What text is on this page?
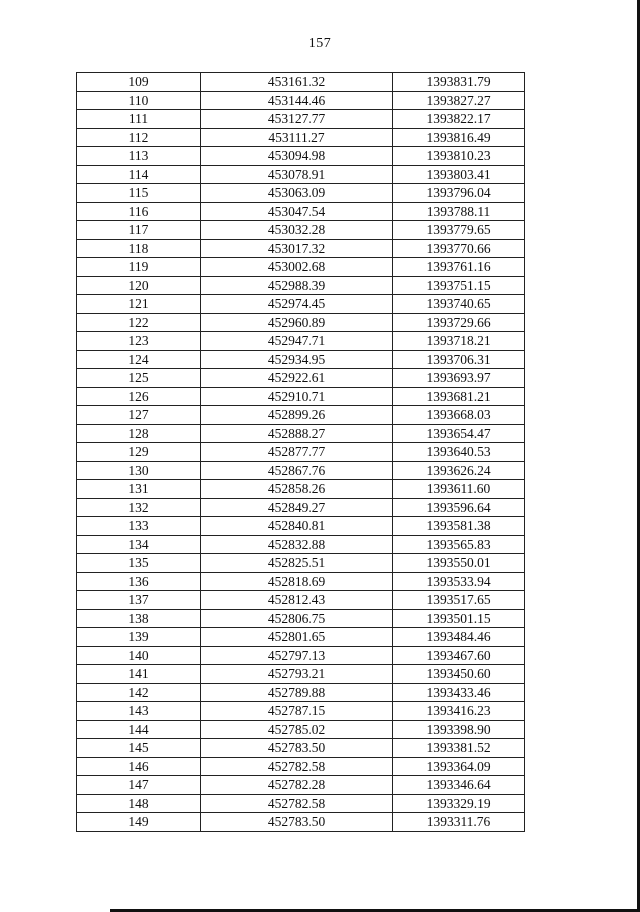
157
109	453161.32	1393831.79
110	453144.46	1393827.27
111	453127.77	1393822.17
112	453111.27	1393816.49
113	453094.98	1393810.23
114	453078.91	1393803.41
115	453063.09	1393796.04
116	453047.54	1393788.11
117	453032.28	1393779.65
118	453017.32	1393770.66
119	453002.68	1393761.16
120	452988.39	1393751.15
121	452974.45	1393740.65
122	452960.89	1393729.66
123	452947.71	1393718.21
124	452934.95	1393706.31
125	452922.61	1393693.97
126	452910.71	1393681.21
127	452899.26	1393668.03
128	452888.27	1393654.47
129	452877.77	1393640.53
130	452867.76	1393626.24
131	452858.26	1393611.60
132	452849.27	1393596.64
133	452840.81	1393581.38
134	452832.88	1393565.83
135	452825.51	1393550.01
136	452818.69	1393533.94
137	452812.43	1393517.65
138	452806.75	1393501.15
139	452801.65	1393484.46
140	452797.13	1393467.60
141	452793.21	1393450.60
142	452789.88	1393433.46
143	452787.15	1393416.23
144	452785.02	1393398.90
145	452783.50	1393381.52
146	452782.58	1393364.09
147	452782.28	1393346.64
148	452782.58	1393329.19
149	452783.50	1393311.76
